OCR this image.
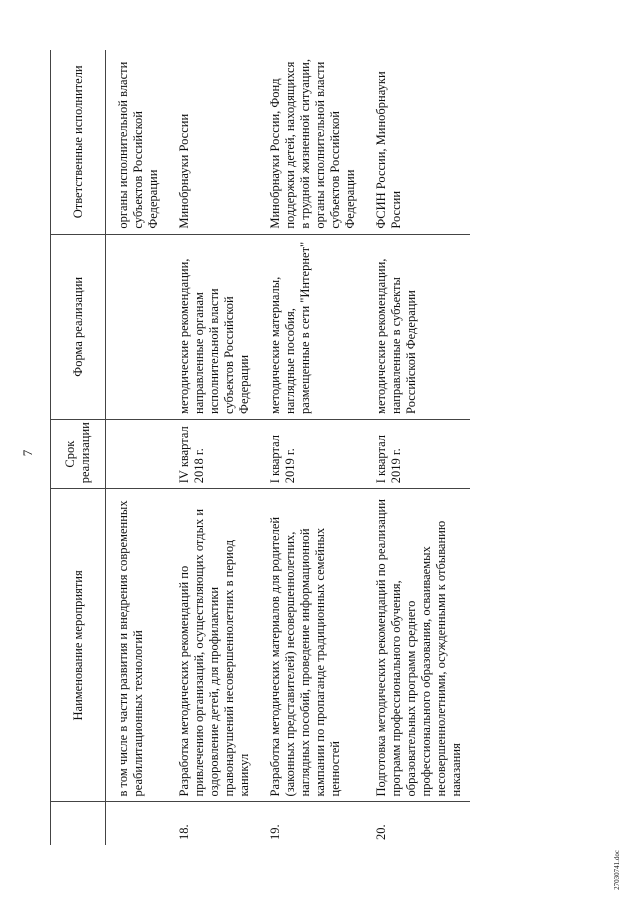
7
27030741.doc
	Наименование мероприятия	Срок реализации	Форма реализации	Ответственные исполнители
	в том числе в части развития и внедрения современных реабилитационных технологий			органы исполнительной власти субъектов Российской Федерации
18.	Разработка методических рекомендаций по привлечению организаций, осуществляющих отдых и оздоровление детей, для профилактики правонарушений несовершеннолетних в период каникул	IV квартал 2018 г.	методические рекомендации, направленные органам исполнительной власти субъектов Российской Федерации	Минобрнауки России
19.	Разработка методических материалов для родителей (законных представителей) несовершеннолетних, наглядных пособий, проведение информационной кампании по пропаганде традиционных семейных ценностей	I квартал 2019 г.	методические материалы, наглядные пособия, размещенные в сети "Интернет"	Минобрнауки России, Фонд поддержки детей, находящихся в трудной жизненной ситуации, органы исполнительной власти субъектов Российской Федерации
20.	Подготовка методических рекомендаций по реализации программ профессионального обучения, образовательных программ среднего профессионального образования, осваиваемых несовершеннолетними, осужденными к отбыванию наказания	I квартал 2019 г.	методические рекомендации, направленные в субъекты Российской Федерации	ФСИН России, Минобрнауки России
